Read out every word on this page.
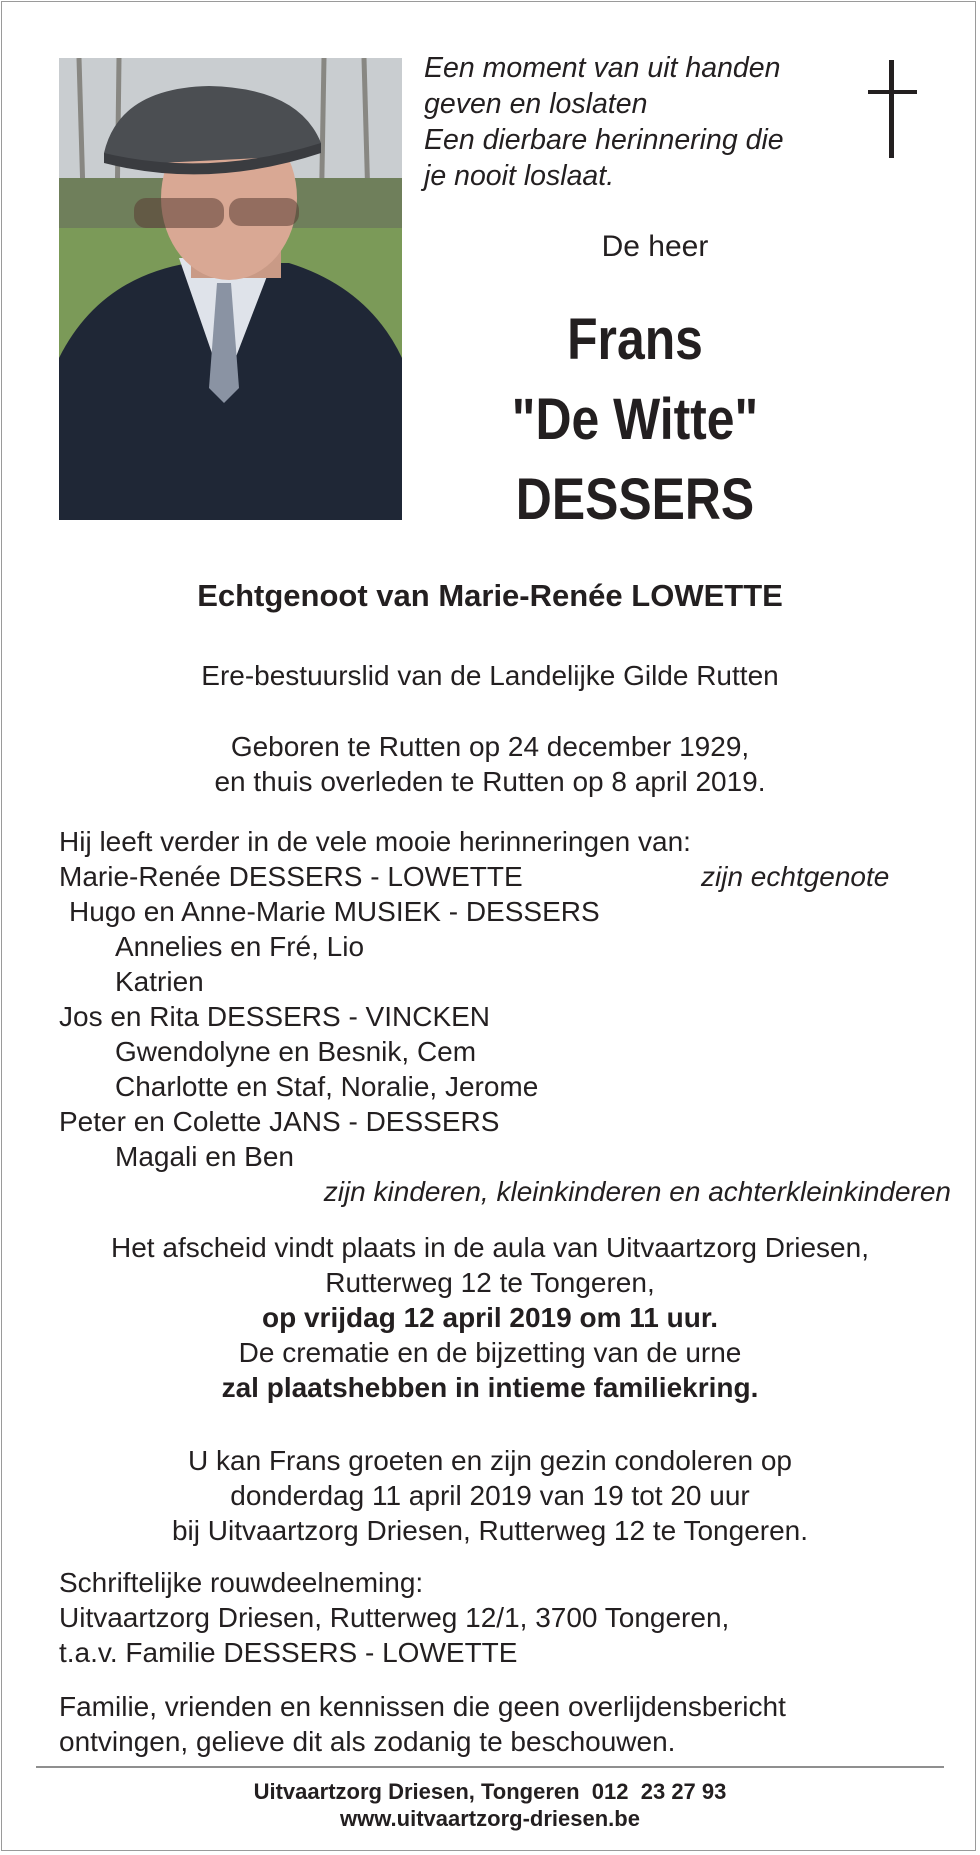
Een moment van uit handen
geven en loslaten
Een dierbare herinnering die
je nooit loslaat.
De heer
Frans
"De Witte"
DESSERS
Echtgenoot van Marie-Renée LOWETTE
Ere-bestuurslid van de Landelijke Gilde Rutten
Geboren te Rutten op 24 december 1929,
en thuis overleden te Rutten op 8 april 2019.
Hij leeft verder in de vele mooie herinneringen van:
Marie-Renée DESSERS - LOWETTE	zijn echtgenote
Hugo en Anne-Marie MUSIEK - DESSERS
Annelies en Fré, Lio
Katrien
Jos en Rita DESSERS - VINCKEN
Gwendolyne en Besnik, Cem
Charlotte en Staf, Noralie, Jerome
Peter en Colette JANS - DESSERS
Magali en Ben
zijn kinderen, kleinkinderen en achterkleinkinderen
Het afscheid vindt plaats in de aula van Uitvaartzorg Driesen,
Rutterweg 12 te Tongeren,
op vrijdag 12 april 2019 om 11 uur.
De crematie en de bijzetting van de urne
zal plaatshebben in intieme familiekring.
U kan Frans groeten en zijn gezin condoleren op
donderdag 11 april 2019 van 19 tot 20 uur
bij Uitvaartzorg Driesen, Rutterweg 12 te Tongeren.
Schriftelijke rouwdeelneming:
Uitvaartzorg Driesen, Rutterweg 12/1, 3700 Tongeren,
t.a.v. Familie DESSERS - LOWETTE
Familie, vrienden en kennissen die geen overlijdensbericht
ontvingen, gelieve dit als zodanig te beschouwen.
Uitvaartzorg Driesen, Tongeren  012  23 27 93
www.uitvaartzorg-driesen.be
